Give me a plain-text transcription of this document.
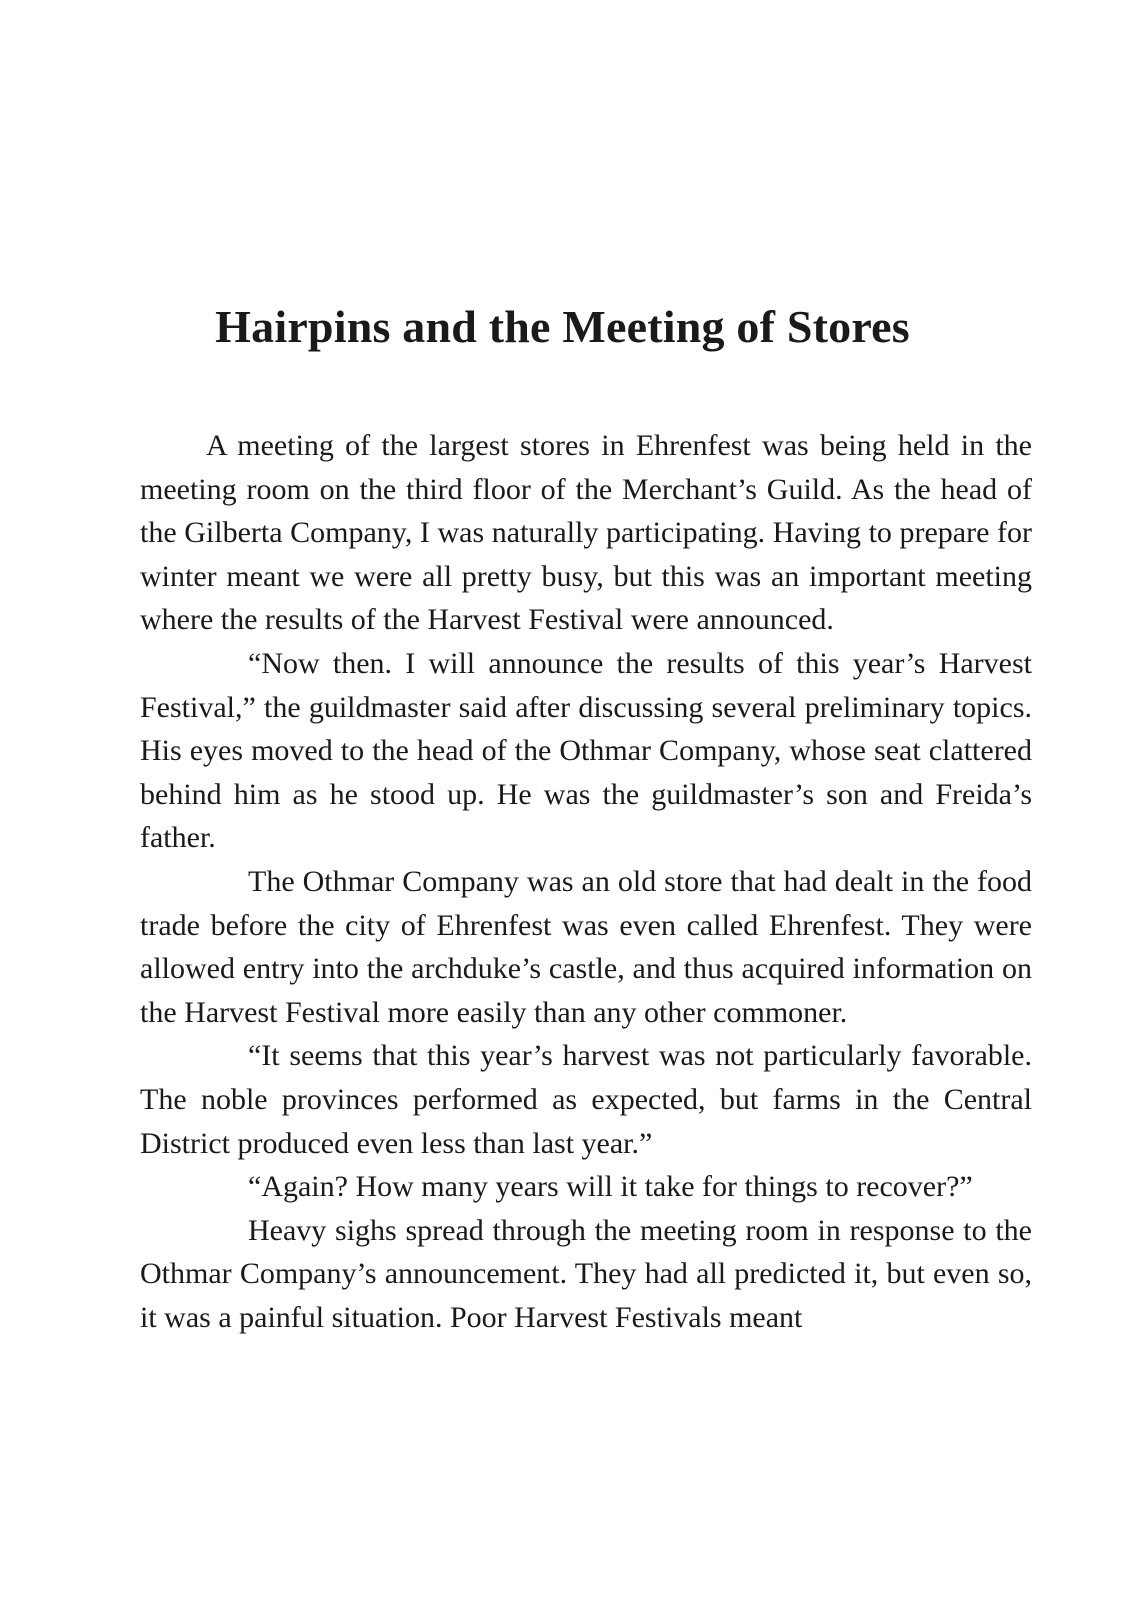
Hairpins and the Meeting of Stores

A meeting of the largest stores in Ehrenfest was being held in the meeting room on the third floor of the Merchant’s Guild. As the head of the Gilberta Company, I was naturally participating. Having to prepare for winter meant we were all pretty busy, but this was an important meeting where the results of the Harvest Festival were announced.

“Now then. I will announce the results of this year’s Harvest Festival,” the guildmaster said after discussing several preliminary topics. His eyes moved to the head of the Othmar Company, whose seat clattered behind him as he stood up. He was the guildmaster’s son and Freida’s father.

The Othmar Company was an old store that had dealt in the food trade before the city of Ehrenfest was even called Ehrenfest. They were allowed entry into the archduke’s castle, and thus acquired information on the Harvest Festival more easily than any other commoner.

“It seems that this year’s harvest was not particularly favorable. The noble provinces performed as expected, but farms in the Central District produced even less than last year.”

“Again? How many years will it take for things to recover?”

Heavy sighs spread through the meeting room in response to the Othmar Company’s announcement. They had all predicted it, but even so, it was a painful situation. Poor Harvest Festivals meant
